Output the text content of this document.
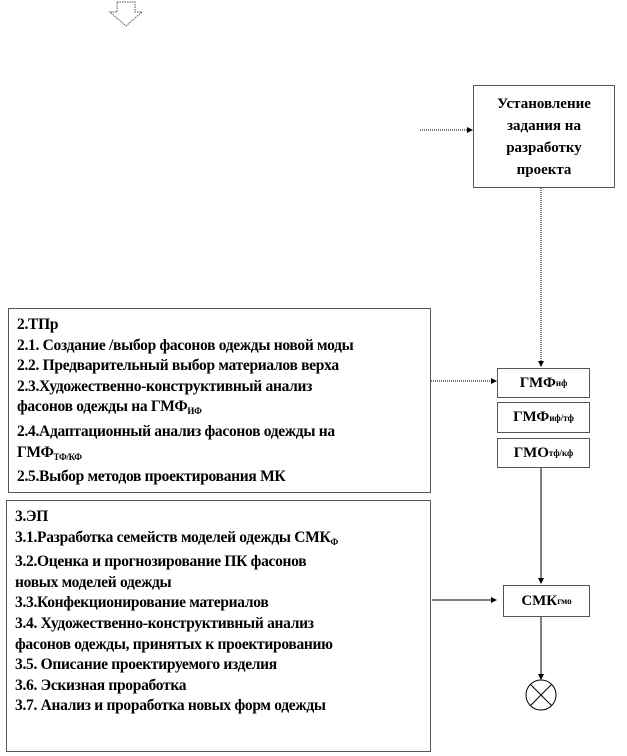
Установление задания на разработку проекта
2.ТПр
2.1. Создание /выбор фасонов одежды новой моды
2.2. Предварительный выбор материалов верха
2.3.Художественно-конструктивный анализ
фасонов одежды на $ГМФ_{ИФ}$
2.4.Адаптационный анализ фасонов одежды на
$ГМФ_{ТФ/КФ}$
2.5.Выбор методов проектирования МК
3.ЭП
3.1.Разработка семейств моделей одежды $СМК_Ф$
3.2.Оценка и прогнозирование ПК фасонов
новых моделей одежды
3.3.Конфекционирование материалов
3.4. Художественно-конструктивный анализ
фасонов одежды, принятых к проектированию
3.5. Описание проектируемого изделия
3.6. Эскизная проработка
3.7. Анализ и проработка новых форм одежды
ГМФ иф
ГМФ иф/тф
ГМО тф/кф
СМК гмо
